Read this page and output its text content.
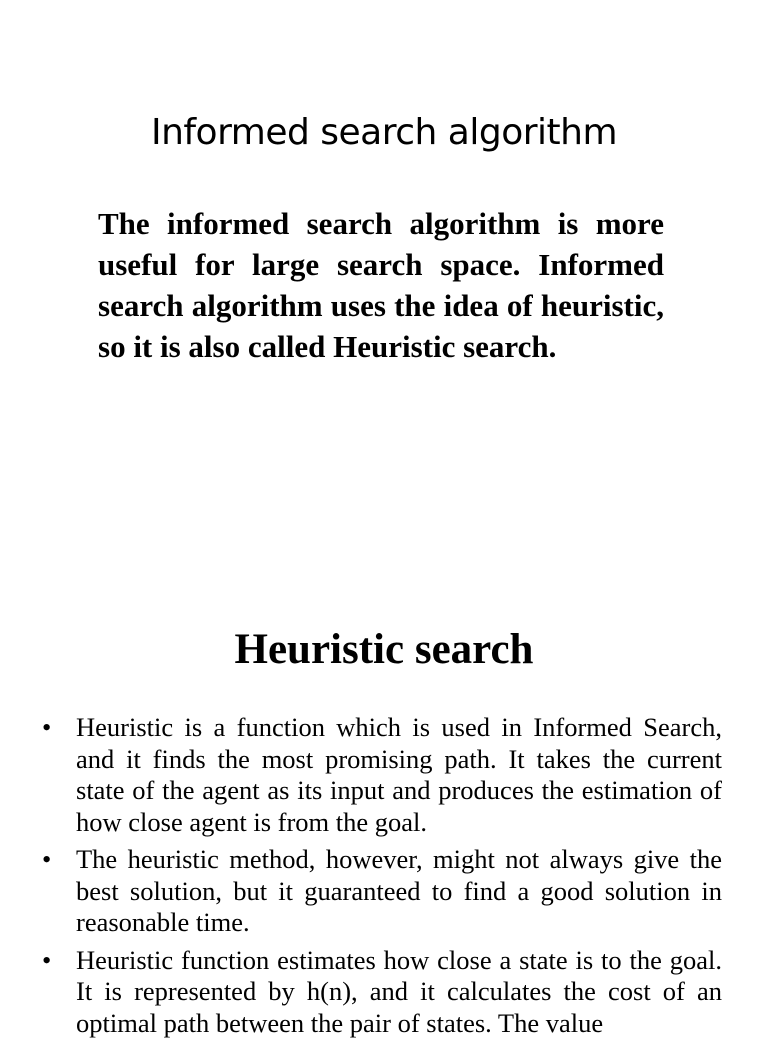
Informed search algorithm

The informed search algorithm is more useful for large search space. Informed search algorithm uses the idea of heuristic, so it is also called Heuristic search.

Heuristic search
• Heuristic is a function which is used in Informed Search, and it finds the most promising path. It takes the current state of the agent as its input and produces the estimation of how close agent is from the goal.
• The heuristic method, however, might not always give the best solution, but it guaranteed to find a good solution in reasonable time.
• Heuristic function estimates how close a state is to the goal. It is represented by h(n), and it calculates the cost of an optimal path between the pair of states. The value
